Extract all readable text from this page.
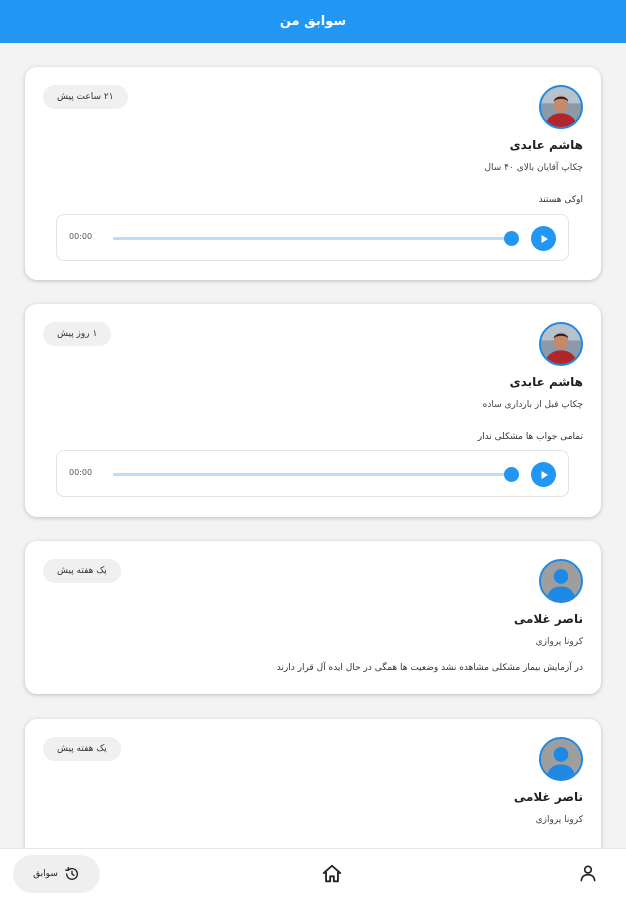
سوابق من
۲۱ ساعت پیش
هاشم عابدی
چکاپ آقایان بالای ۴۰ سال
اوکی هستند
00:00
۱ روز پیش
هاشم عابدی
چکاپ قبل از بارداری ساده
تمامی جواب ها مشکلی ندار
00:00
یک هفته پیش
ناصر غلامی
کرونا پروازی
در آزمایش بیمار مشکلی مشاهده نشد وضعیت ها همگی در حال ایده آل قرار دارند
یک هفته پیش
ناصر غلامی
کرونا پروازی
سوابق
